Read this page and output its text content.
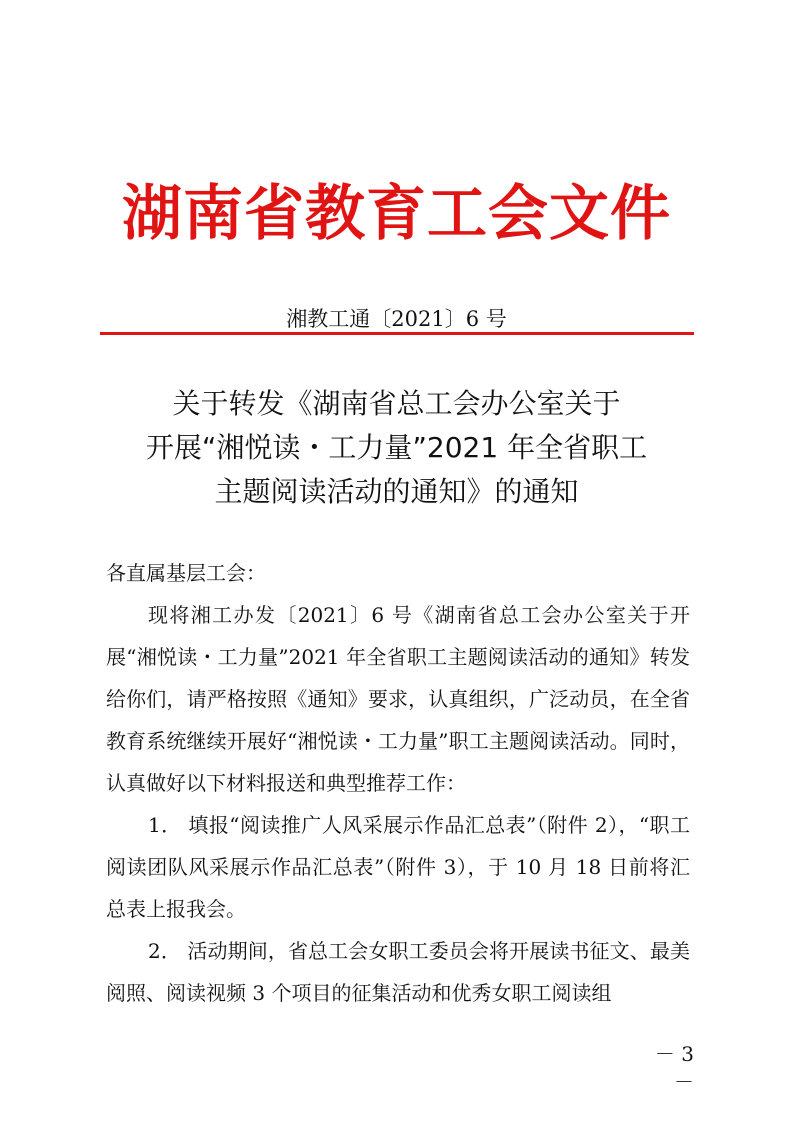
湖南省教育工会文件
湘教工通〔2021〕6 号
关于转发《湖南省总工会办公室关于
开展“湘悦读・工力量”2021 年全省职工
主题阅读活动的通知》的通知
各直属基层工会：
现将湘工办发〔2021〕6 号《湖南省总工会办公室关于开展“湘悦读・工力量”2021 年全省职工主题阅读活动的通知》转发给你们，请严格按照《通知》要求，认真组织，广泛动员，在全省教育系统继续开展好“湘悦读・工力量”职工主题阅读活动。同时，认真做好以下材料报送和典型推荐工作：
1． 填报“阅读推广人风采展示作品汇总表”（附件 2），“职工阅读团队风采展示作品汇总表”（附件 3），于 10 月 18 日前将汇总表上报我会。
2． 活动期间，省总工会女职工委员会将开展读书征文、最美阅照、阅读视频 3 个项目的征集活动和优秀女职工阅读组
－ 3 －
